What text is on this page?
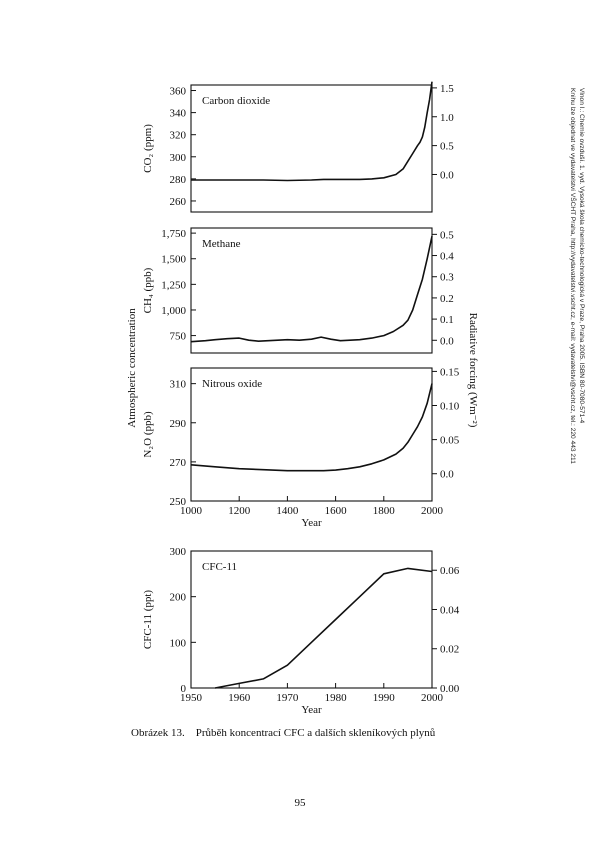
Vlnon I.: Chemie ovzduší. 1. vyd. Vysoká škola chemicko-technologická v Praze, Praha 2005. ISBN 80-7080-571-4
Knihu lze objednat ve vydavatelství VŠCHT Praha, http://vydavatelstvi.vscht.cz, e-mail: vydavatelstvi@vscht.cz, tel.: 220 443 211
260
280
300
320
340
360
0.0
0.5
1.0
1.5
Carbon dioxide
CO₂ (ppm)
750
1,000
1,250
1,500
1,750
0.0
0.1
0.2
0.3
0.4
0.5
Methane
CH₄ (ppb)
250
270
290
310
0.0
0.05
0.10
0.15
1000 1200 1400 1600 1800 2000
Year
Nitrous oxide
N₂O (ppb)
0
100
200
300
0.00
0.02
0.04
0.06
1950 1960 1970 1980 1990 2000
Year
CFC-11
CFC-11 (ppt)
Atmospheric concentration	Radiative forcing (Wm⁻²)
Obrázek 13. Průběh koncentrací CFC a dalších skleníkových plynů
95
